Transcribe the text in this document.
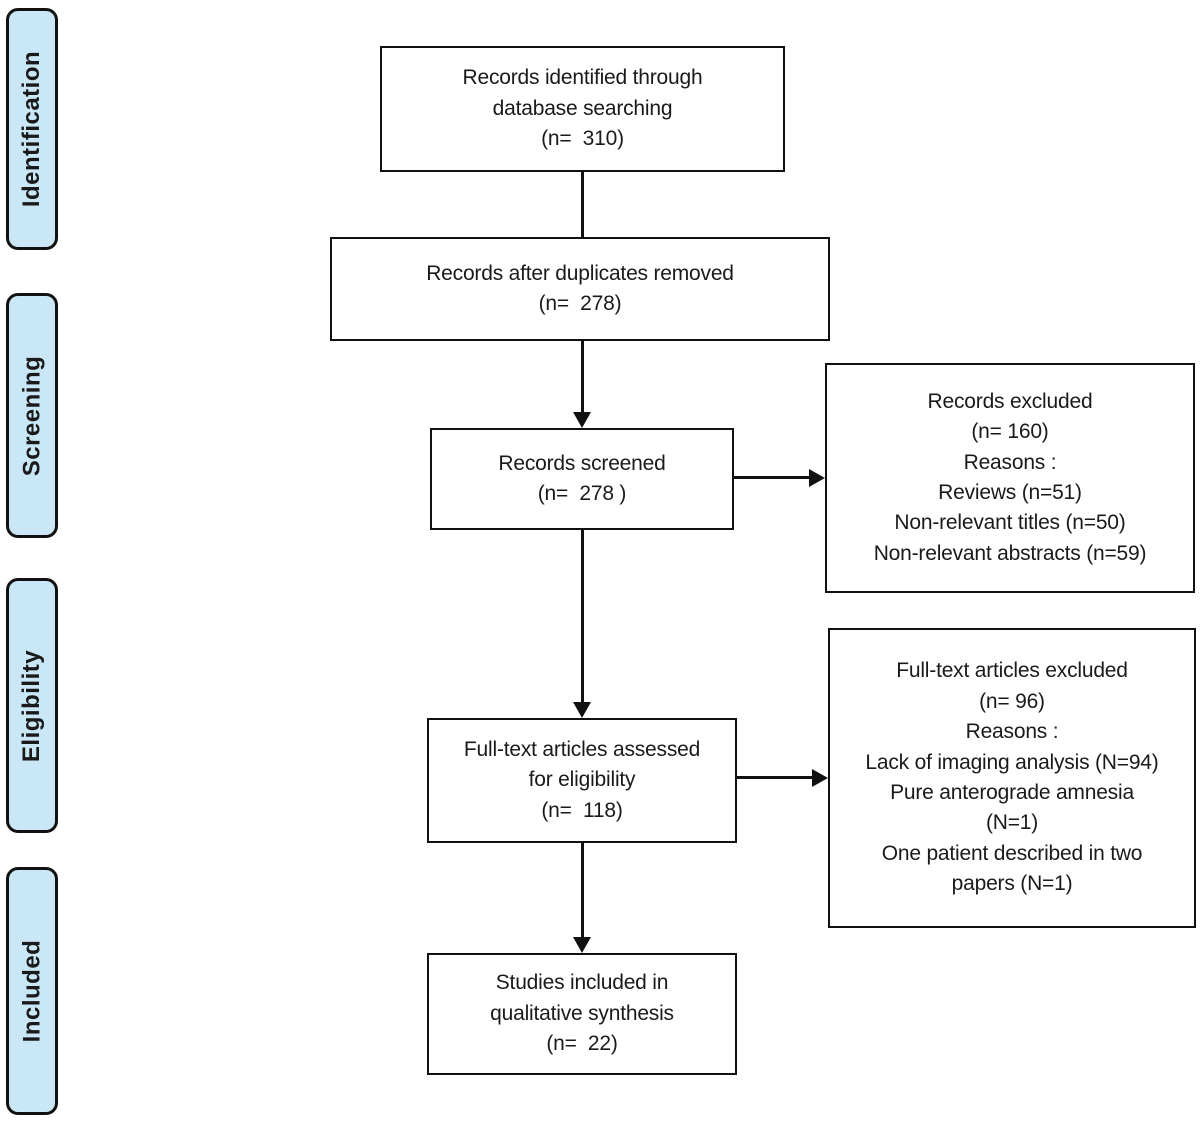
Identification
Screening
Eligibility
Included
Records identified through
database searching
(n=  310)
Records after duplicates removed
(n=  278)
Records screened
(n=  278 )
Records excluded
(n= 160)
Reasons :
Reviews (n=51)
Non-relevant titles (n=50)
Non-relevant abstracts (n=59)
Full-text articles assessed
for eligibility
(n=  118)
Full-text articles excluded
(n= 96)
Reasons :
Lack of imaging analysis (N=94)
Pure anterograde amnesia
(N=1)
One patient described in two
papers (N=1)
Studies included in
qualitative synthesis
(n=  22)
